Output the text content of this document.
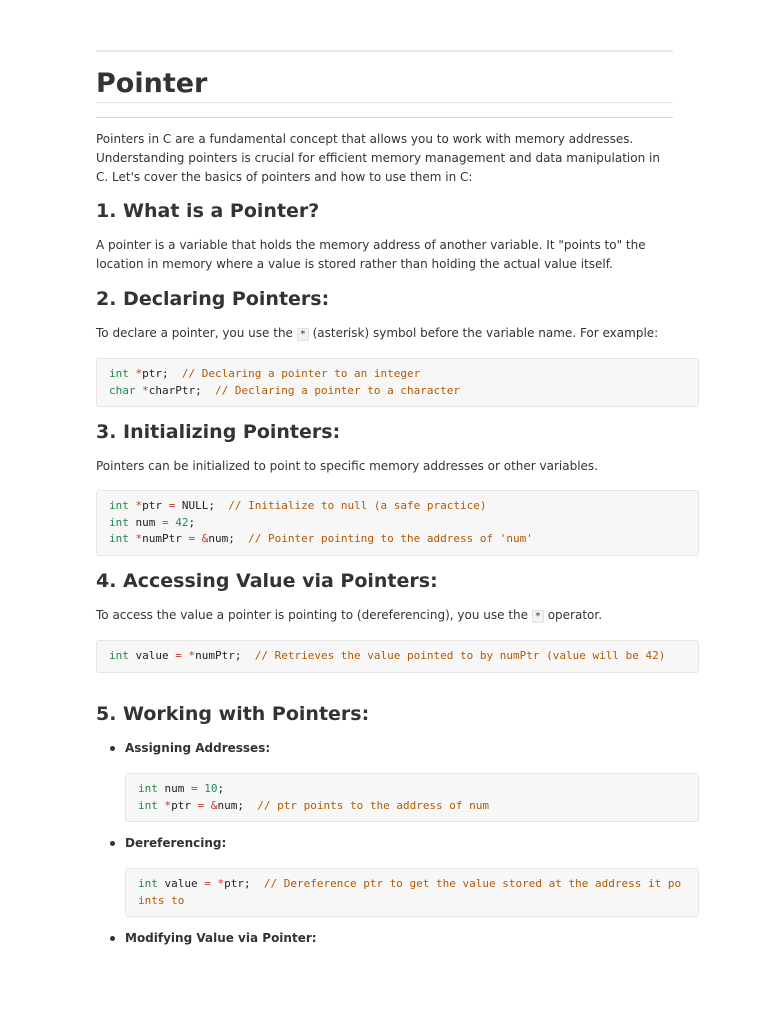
Pointer

Pointers in C are a fundamental concept that allows you to work with memory addresses. Understanding pointers is crucial for efficient memory management and data manipulation in C. Let's cover the basics of pointers and how to use them in C:

1. What is a Pointer?

A pointer is a variable that holds the memory address of another variable. It "points to" the location in memory where a value is stored rather than holding the actual value itself.

2. Declaring Pointers:

To declare a pointer, you use the * (asterisk) symbol before the variable name. For example:

int *ptr;  // Declaring a pointer to an integer
char *charPtr;  // Declaring a pointer to a character
3. Initializing Pointers:

Pointers can be initialized to point to specific memory addresses or other variables.

int *ptr = NULL;  // Initialize to null (a safe practice)
int num = 42;
int *numPtr = &num;  // Pointer pointing to the address of 'num'
4. Accessing Value via Pointers:

To access the value a pointer is pointing to (dereferencing), you use the * operator.

int value = *numPtr;  // Retrieves the value pointed to by numPtr (value will be 42)
5. Working with Pointers:
Assigning Addresses:
int num = 10;
int *ptr = &num;  // ptr points to the address of num
Dereferencing:
int value = *ptr;  // Dereference ptr to get the value stored at the address it points to
Modifying Value via Pointer:
